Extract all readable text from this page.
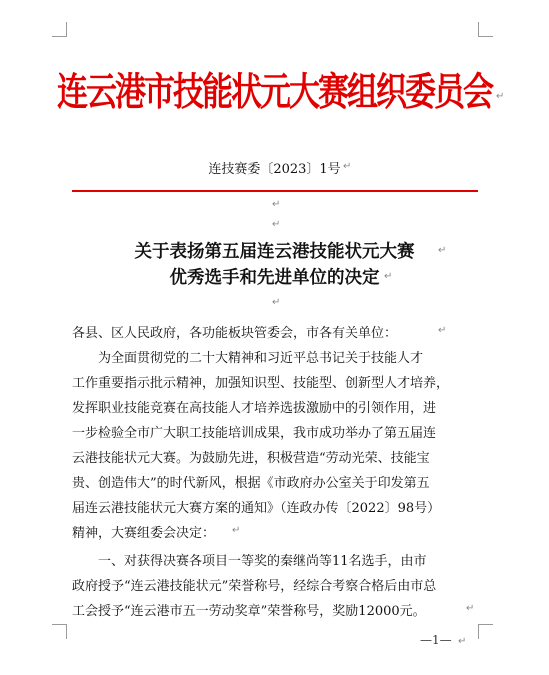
连云港市技能状元大赛组织委员会 ↵
连技赛委〔2023〕1号 ↵
↵
↵
关于表扬第五届连云港技能状元大赛	↵
优秀选手和先进单位的决定 ↵
↵
各县、区人民政府，各功能板块管委会，市各有关单位：	↵
为全面贯彻党的二十大精神和习近平总书记关于技能人才
工作重要指示批示精神，加强知识型、技能型、创新型人才培养，
发挥职业技能竞赛在高技能人才培养选拔激励中的引领作用，进
一步检验全市广大职工技能培训成果，我市成功举办了第五届连
云港技能状元大赛。为鼓励先进，积极营造“劳动光荣、技能宝
贵、创造伟大”的时代新风，根据《市政府办公室关于印发第五
届连云港技能状元大赛方案的通知》（连政办传〔2022〕98号）
精神，大赛组委会决定：	↵
一、对获得决赛各项目一等奖的秦继尚等11名选手，由市
政府授予“连云港技能状元”荣誉称号，经综合考察合格后由市总
工会授予“连云港市五一劳动奖章”荣誉称号，奖励12000元。	↵
—1— ↵
